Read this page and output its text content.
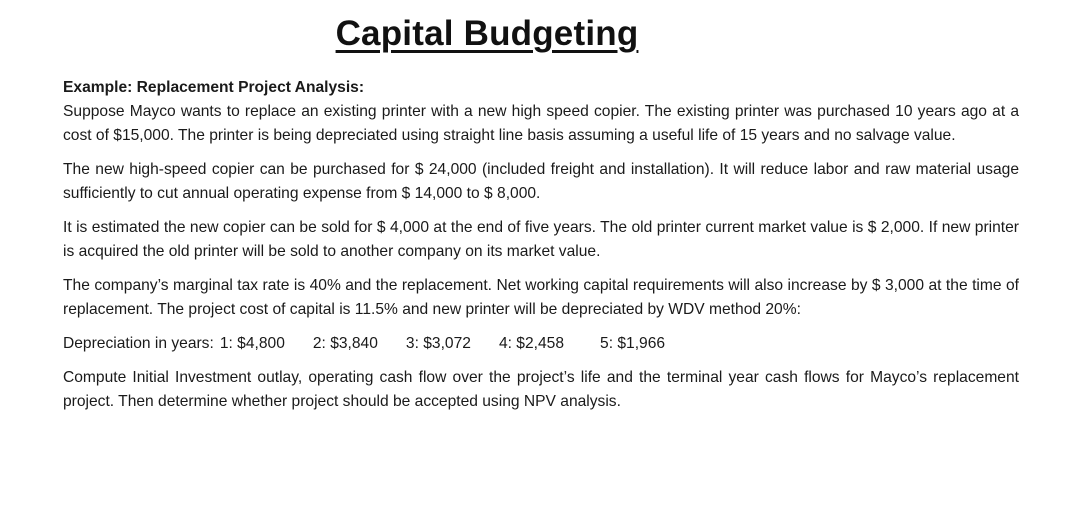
Capital Budgeting

Example: Replacement Project Analysis:

Suppose Mayco wants to replace an existing printer with a new high speed copier. The existing printer was purchased 10 years ago at a cost of $15,000. The printer is being depreciated using straight line basis assuming a useful life of 15 years and no salvage value.

The new high-speed copier can be purchased for $ 24,000 (included freight and installation). It will reduce labor and raw material usage sufficiently to cut annual operating expense from $ 14,000 to $ 8,000.

It is estimated the new copier can be sold for $ 4,000 at the end of five years. The old printer current market value is $ 2,000. If new printer is acquired the old printer will be sold to another company on its market value.

The company’s marginal tax rate is 40% and the replacement. Net working capital requirements will also increase by $ 3,000 at the time of replacement. The project cost of capital is 11.5% and new printer will be depreciated by WDV method 20%:

Depreciation in years: 1: $4,800 2: $3,840 3: $3,072 4: $2,458 5: $1,966

Compute Initial Investment outlay, operating cash flow over the project’s life and the terminal year cash flows for Mayco’s replacement project. Then determine whether project should be accepted using NPV analysis.
